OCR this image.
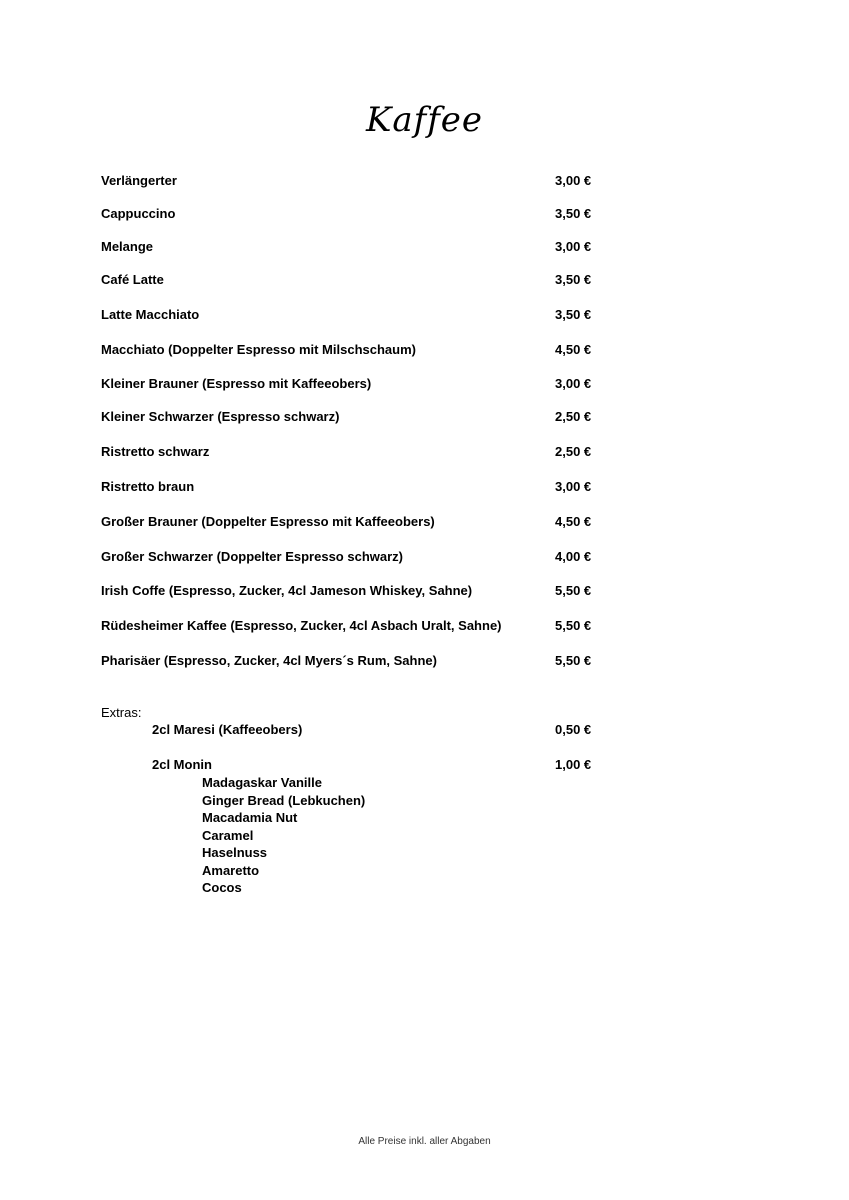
Kaffee
Verlängerter	3,00 €
Cappuccino	3,50 €
Melange	3,00 €
Café Latte	3,50 €
Latte Macchiato	3,50 €
Macchiato (Doppelter Espresso mit Milschschaum)	4,50 €
Kleiner Brauner (Espresso mit Kaffeeobers)	3,00 €
Kleiner Schwarzer (Espresso schwarz)	2,50 €
Ristretto schwarz	2,50 €
Ristretto braun	3,00 €
Großer Brauner (Doppelter Espresso mit Kaffeeobers)	4,50 €
Großer Schwarzer (Doppelter Espresso schwarz)	4,00 €
Irish Coffe (Espresso, Zucker, 4cl Jameson Whiskey, Sahne)	5,50 €
Rüdesheimer Kaffee (Espresso, Zucker, 4cl Asbach Uralt, Sahne)	5,50 €
Pharisäer (Espresso, Zucker, 4cl Myers´s Rum, Sahne)	5,50 €
Extras:
2cl Maresi (Kaffeeobers)	0,50 €
2cl Monin	1,00 €
Madagaskar Vanille
Ginger Bread (Lebkuchen)
Macadamia Nut
Caramel
Haselnuss
Amaretto
Cocos
Alle Preise inkl. aller Abgaben
